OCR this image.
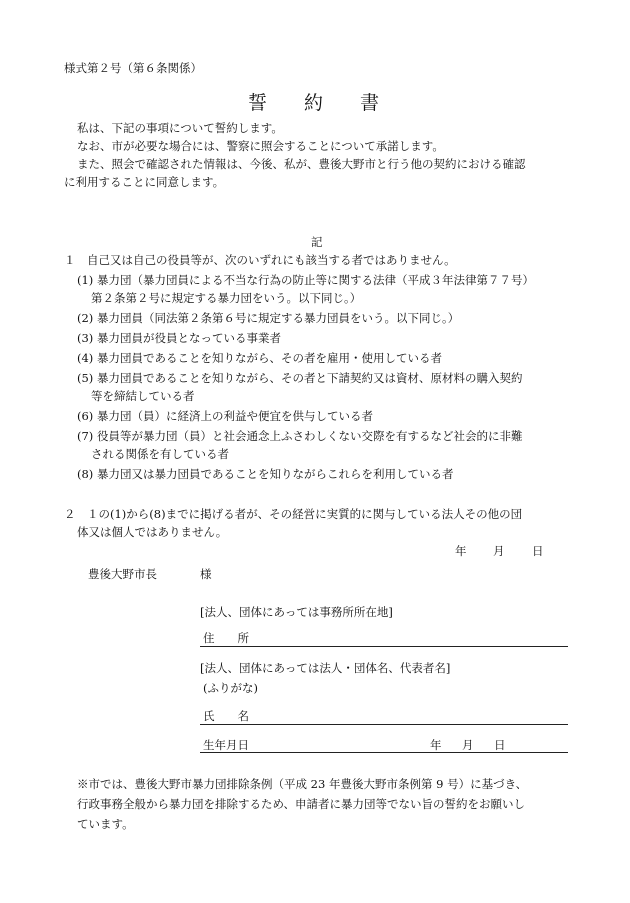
様式第２号（第６条関係）
誓 約 書
私は、下記の事項について誓約します。
なお、市が必要な場合には、警察に照会することについて承諾します。
また、照会で確認された情報は、今後、私が、豊後大野市と行う他の契約における確認
に利用することに同意します。
記
１　自己又は自己の役員等が、次のいずれにも該当する者ではありません。
(1) 暴力団（暴力団員による不当な行為の防止等に関する法律（平成３年法律第７７号）
第２条第２号に規定する暴力団をいう。以下同じ。）
(2) 暴力団員（同法第２条第６号に規定する暴力団員をいう。以下同じ。）
(3) 暴力団員が役員となっている事業者
(4) 暴力団員であることを知りながら、その者を雇用・使用している者
(5) 暴力団員であることを知りながら、その者と下請契約又は資材、原材料の購入契約
等を締結している者
(6) 暴力団（員）に経済上の利益や便宜を供与している者
(7) 役員等が暴力団（員）と社会通念上ふさわしくない交際を有するなど社会的に非難
される関係を有している者
(8) 暴力団又は暴力団員であることを知りながらこれらを利用している者
２　１の(1)から(8)までに掲げる者が、その経営に実質的に関与している法人その他の団
体又は個人ではありません。
年 月 日
豊後大野市長	様
[法人、団体にあっては事務所所在地]
住　　所
[法人、団体にあっては法人・団体名、代表者名]
(ふりがな)
氏　　名
生年月日	年 月 日
※市では、豊後大野市暴力団排除条例（平成 23 年豊後大野市条例第 9 号）に基づき、
行政事務全般から暴力団を排除するため、申請者に暴力団等でない旨の誓約をお願いし
ています。
